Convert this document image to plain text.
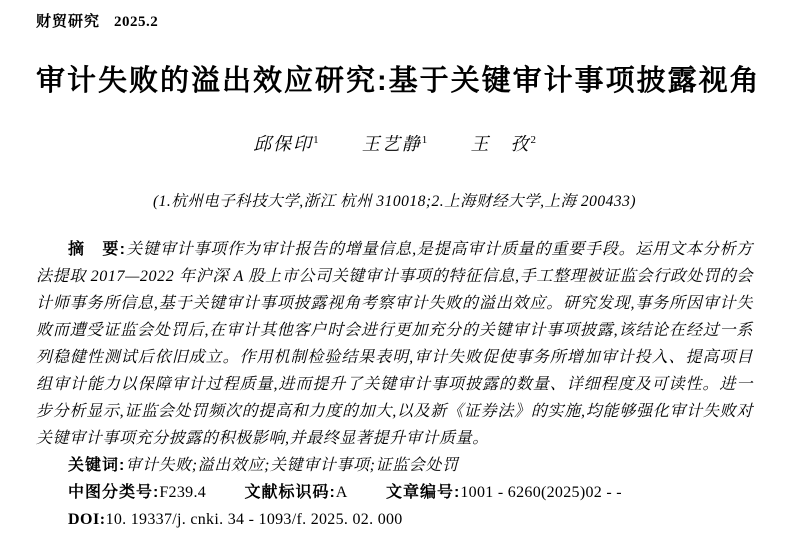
财贸研究 2025.2
审计失败的溢出效应研究:基于关键审计事项披露视角
邱保印$^1$ 王艺静$^1$ 王　孜$^2$
(1.杭州电子科技大学,浙江 杭州 310018;2.上海财经大学,上海 200433)

摘　要:关键审计事项作为审计报告的增量信息,是提高审计质量的重要手段。运用文本分析方法提取 2017—2022 年沪深 A 股上市公司关键审计事项的特征信息,手工整理被证监会行政处罚的会计师事务所信息,基于关键审计事项披露视角考察审计失败的溢出效应。研究发现,事务所因审计失败而遭受证监会处罚后,在审计其他客户时会进行更加充分的关键审计事项披露,该结论在经过一系列稳健性测试后依旧成立。作用机制检验结果表明,审计失败促使事务所增加审计投入、提高项目组审计能力以保障审计过程质量,进而提升了关键审计事项披露的数量、详细程度及可读性。进一步分析显示,证监会处罚频次的提高和力度的加大,以及新《证券法》的实施,均能够强化审计失败对关键审计事项充分披露的积极影响,并最终显著提升审计质量。

关键词:审计失败;溢出效应;关键审计事项;证监会处罚

中图分类号:F239.4 文献标识码:A 文章编号:1001 - 6260(2025)02 - -

DOI:10. 19337/j. cnki. 34 - 1093/f. 2025. 02. 000
